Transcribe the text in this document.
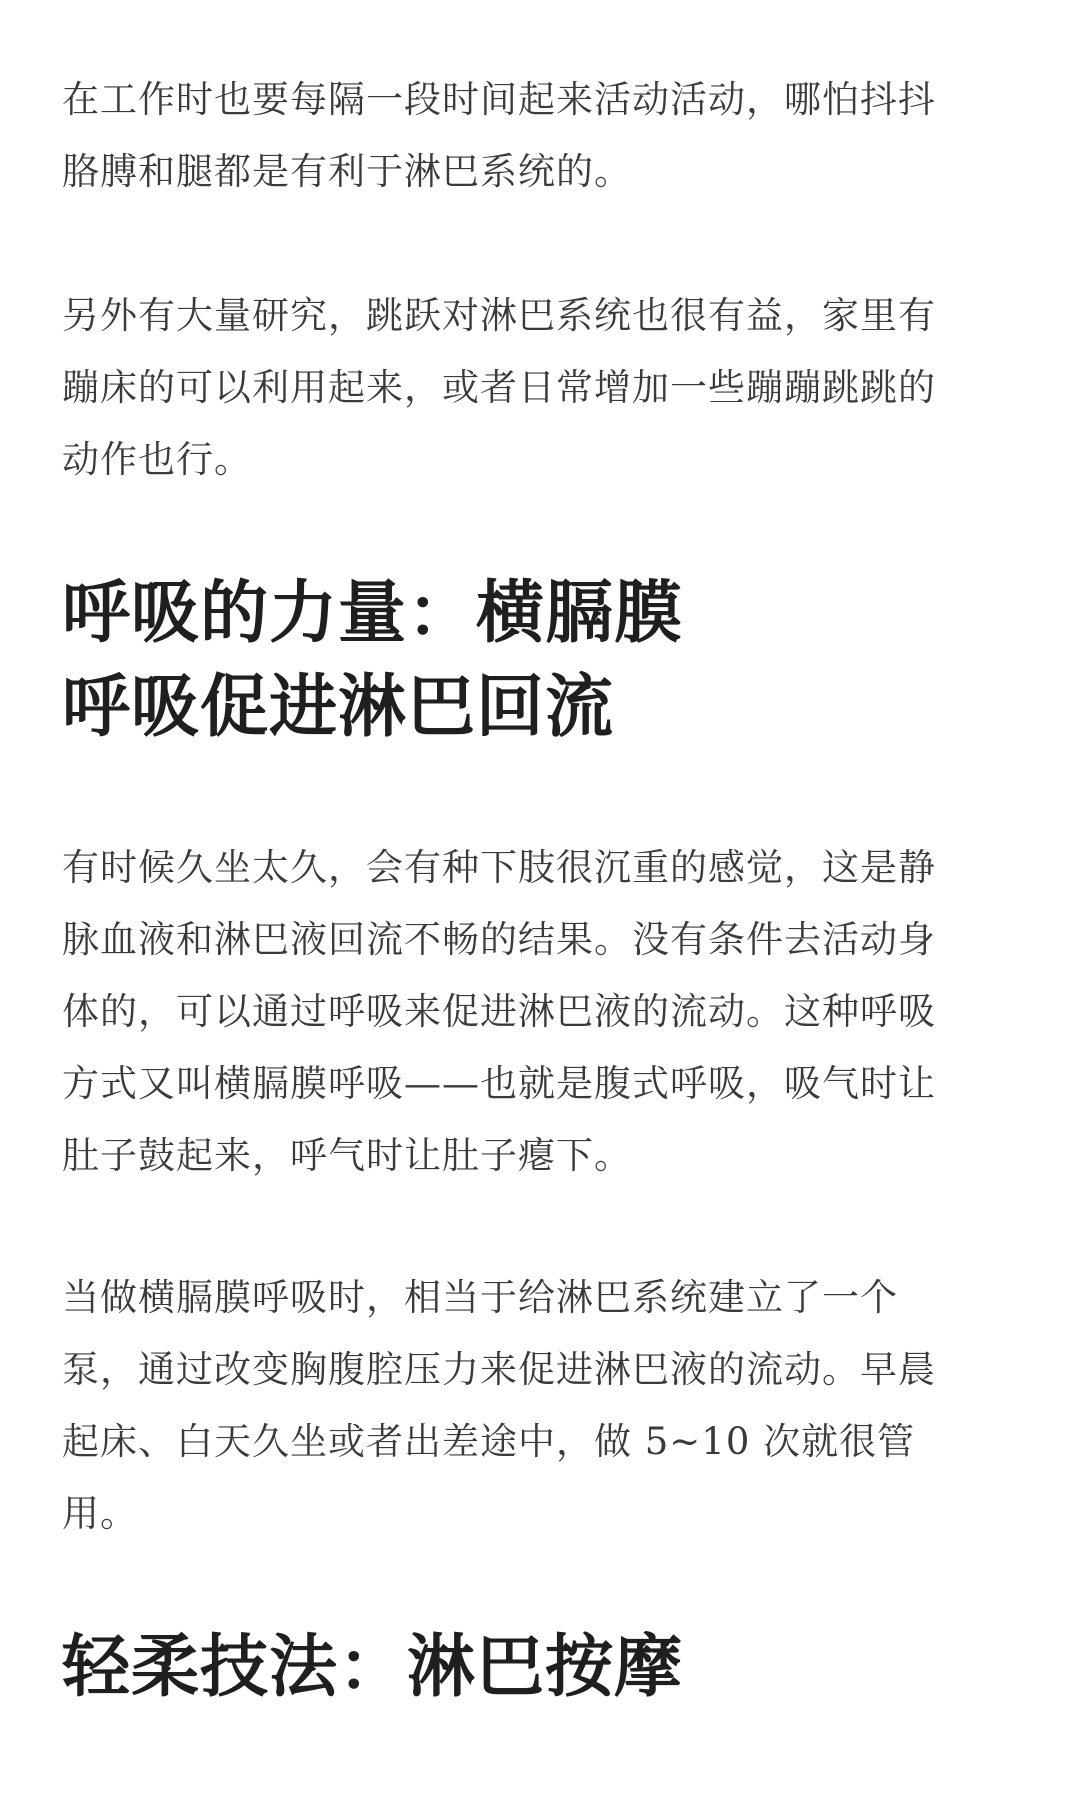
在工作时也要每隔一段时间起来活动活动，哪怕抖抖
胳膊和腿都是有利于淋巴系统的。

另外有大量研究，跳跃对淋巴系统也很有益，家里有
蹦床的可以利用起来，或者日常增加一些蹦蹦跳跳的
动作也行。

呼吸的力量：横膈膜
呼吸促进淋巴回流

有时候久坐太久，会有种下肢很沉重的感觉，这是静
脉血液和淋巴液回流不畅的结果。没有条件去活动身
体的，可以通过呼吸来促进淋巴液的流动。这种呼吸
方式又叫横膈膜呼吸——也就是腹式呼吸，吸气时让
肚子鼓起来，呼气时让肚子瘪下。

当做横膈膜呼吸时，相当于给淋巴系统建立了一个
泵，通过改变胸腹腔压力来促进淋巴液的流动。早晨
起床、白天久坐或者出差途中，做 5~10 次就很管
用。

轻柔技法：淋巴按摩
